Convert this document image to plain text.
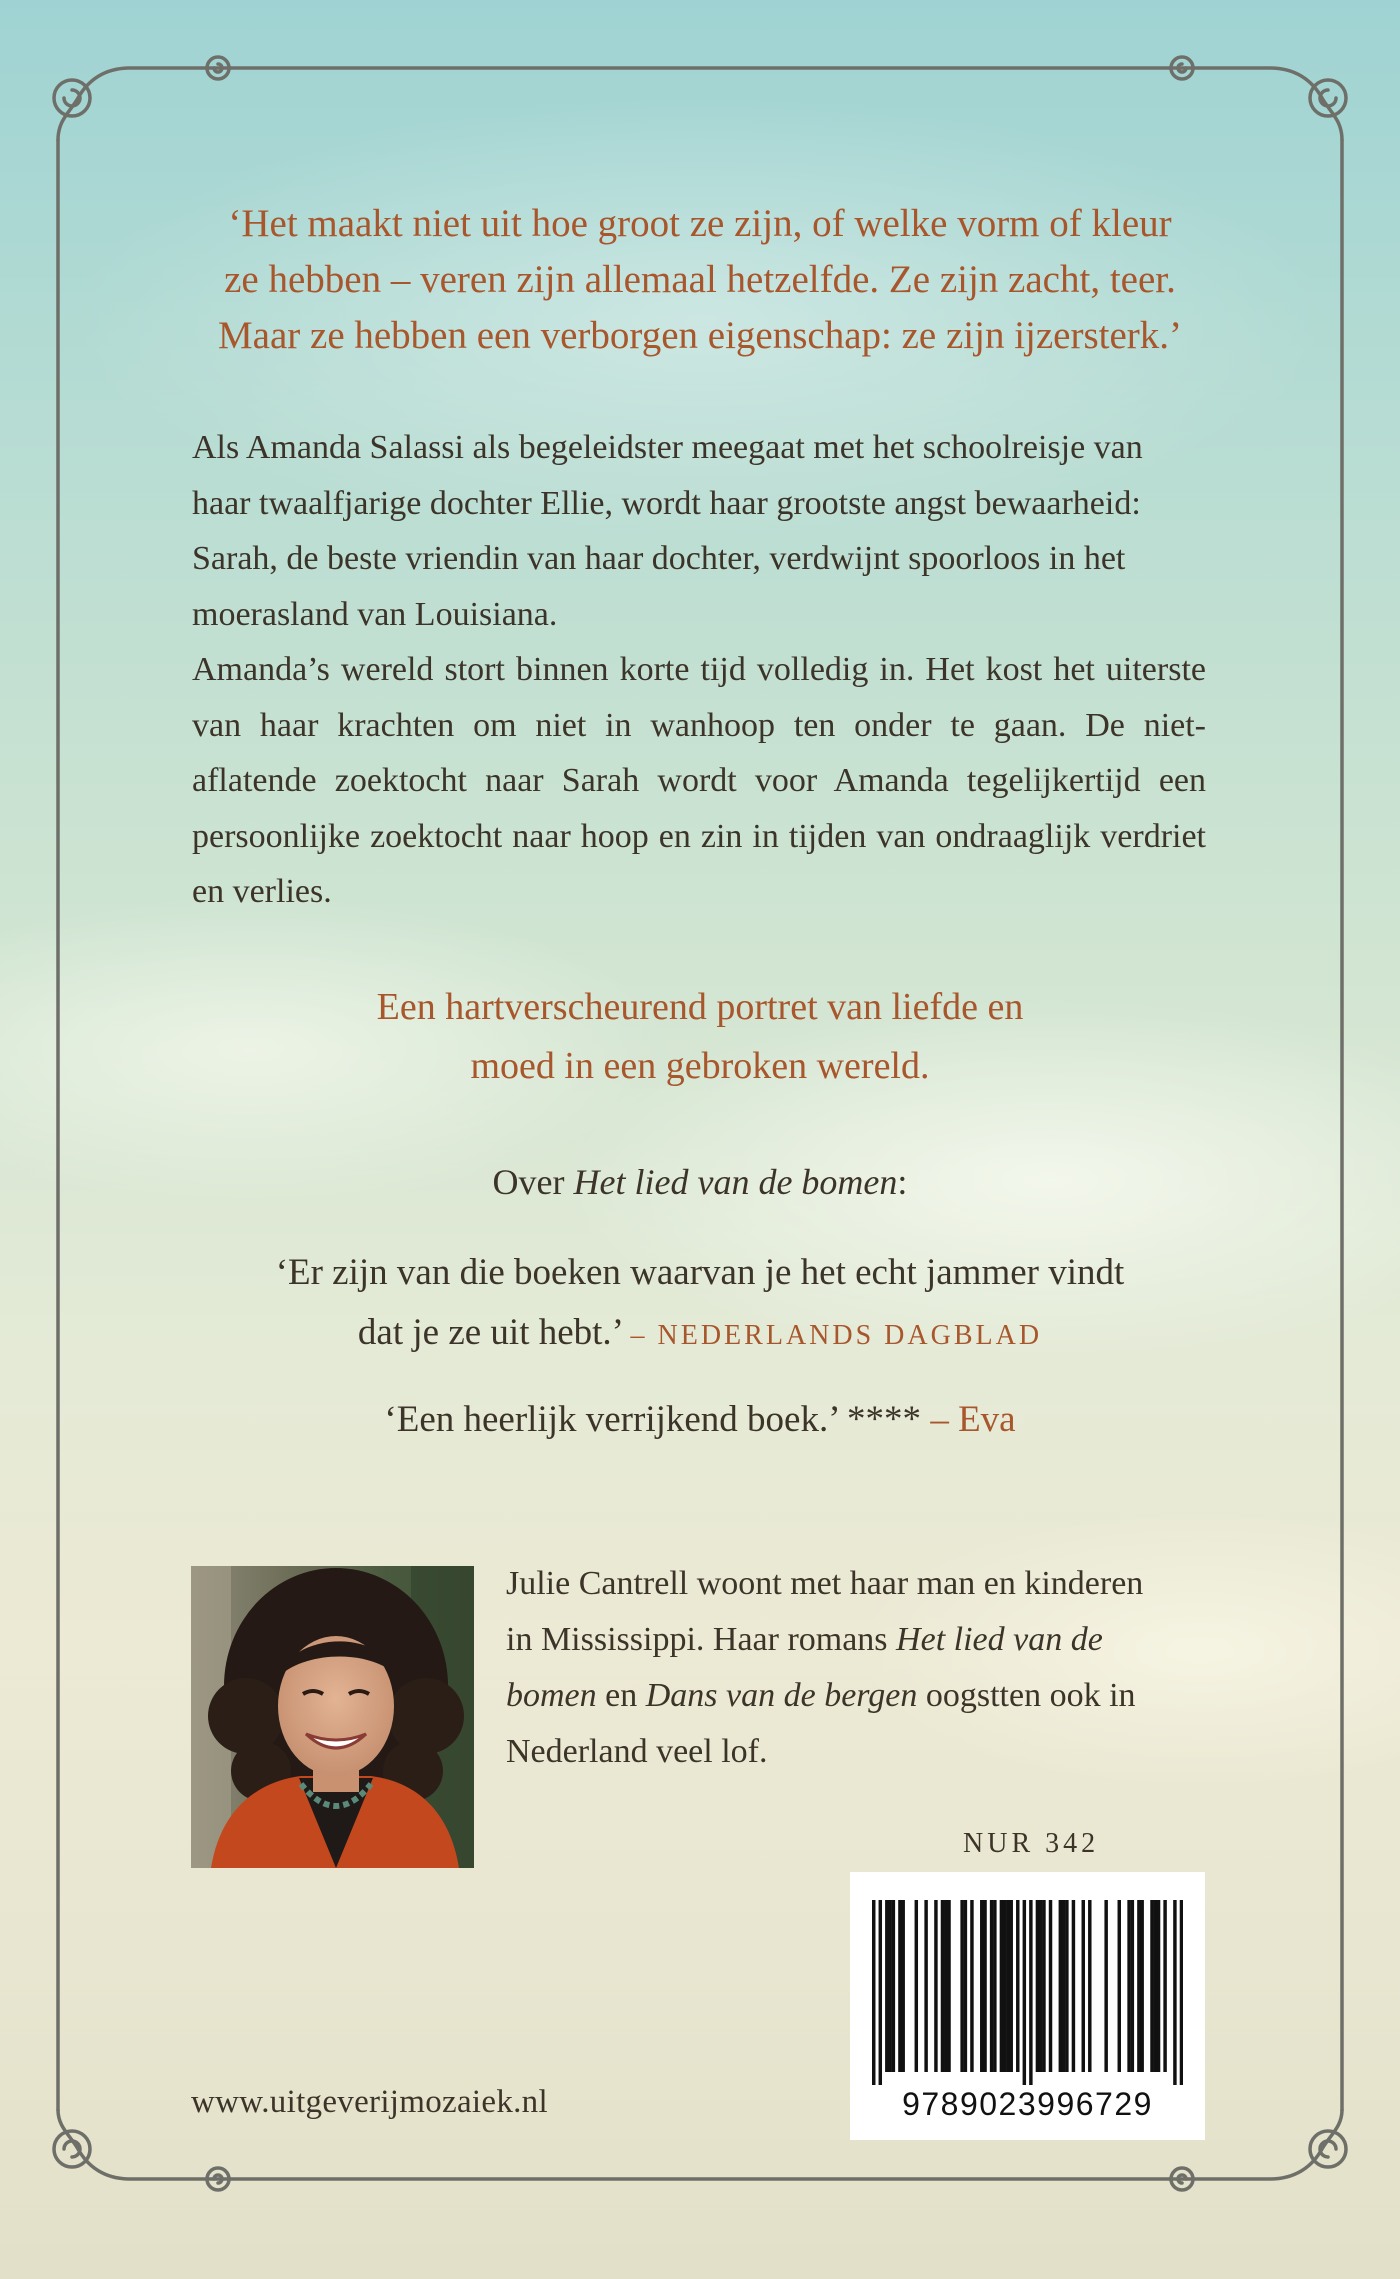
‘Het maakt niet uit hoe groot ze zijn, of welke vorm of kleur
ze hebben – veren zijn allemaal hetzelfde. Ze zijn zacht, teer.
Maar ze hebben een verborgen eigenschap: ze zijn ijzersterk.’

Als Amanda Salassi als begeleidster meegaat met het schoolreisje van haar twaalfjarige dochter Ellie, wordt haar grootste angst bewaarheid: Sarah, de beste vriendin van haar dochter, verdwijnt spoorloos in het moerasland van Louisiana.

Amanda’s wereld stort binnen korte tijd volledig in. Het kost het uiterste van haar krachten om niet in wanhoop ten onder te gaan. De niet-aflatende zoektocht naar Sarah wordt voor Amanda tegelijkertijd een persoonlijke zoektocht naar hoop en zin in tijden van ondraaglijk verdriet en verlies.

Een hartverscheurend portret van liefde en
moed in een gebroken wereld.
Over Het lied van de bomen:
‘Er zijn van die boeken waarvan je het echt jammer vindt
dat je ze uit hebt.’ – NEDERLANDS DAGBLAD
‘Een heerlijk verrijkend boek.’ **** – Eva
Julie Cantrell woont met haar man en kinderen
in Mississippi. Haar romans Het lied van de
bomen en Dans van de bergen oogstten ook in
Nederland veel lof.
NUR 342
9789023996729
www.uitgeverijmozaiek.nl
